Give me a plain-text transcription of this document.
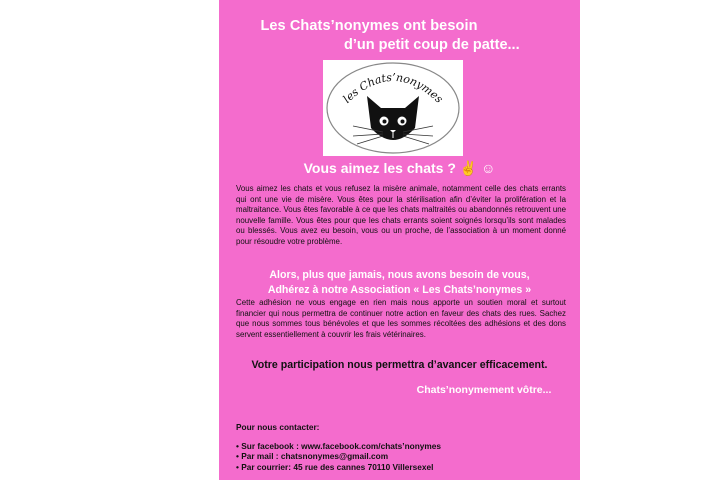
Les Chats’nonymes ont besoin
d’un petit coup de patte...
les Chats’nonymes
Vous aimez les chats ? ✌ ☺
Vous aimez les chats et vous refusez la misère animale, notamment celle des chats errants qui ont une vie de misère. Vous êtes pour la stérilisation afin d’éviter la prolifération et la maltraitance. Vous êtes favorable à ce que les chats maltraités ou abandonnés retrouvent une nouvelle famille. Vous êtes pour que les chats errants soient soignés lorsqu’ils sont malades ou blessés. Vous avez eu besoin, vous ou un proche, de l’association à un moment donné pour résoudre votre problème.
Alors, plus que jamais, nous avons besoin de vous,
Adhérez à notre Association « Les Chats’nonymes »
Cette adhésion ne vous engage en rien mais nous apporte un soutien moral et surtout financier qui nous permettra de continuer notre action en faveur des chats des rues. Sachez que nous sommes tous bénévoles et que les sommes récoltées des adhésions et des dons servent essentiellement à couvrir les frais vétérinaires.
Votre participation nous permettra d’avancer efficacement.
Chats’nonymement vôtre...
Pour nous contacter:
• Sur facebook : www.facebook.com/chats’nonymes
• Par mail : chatsnonymes@gmail.com
• Par courrier: 45 rue des cannes 70110 Villersexel
